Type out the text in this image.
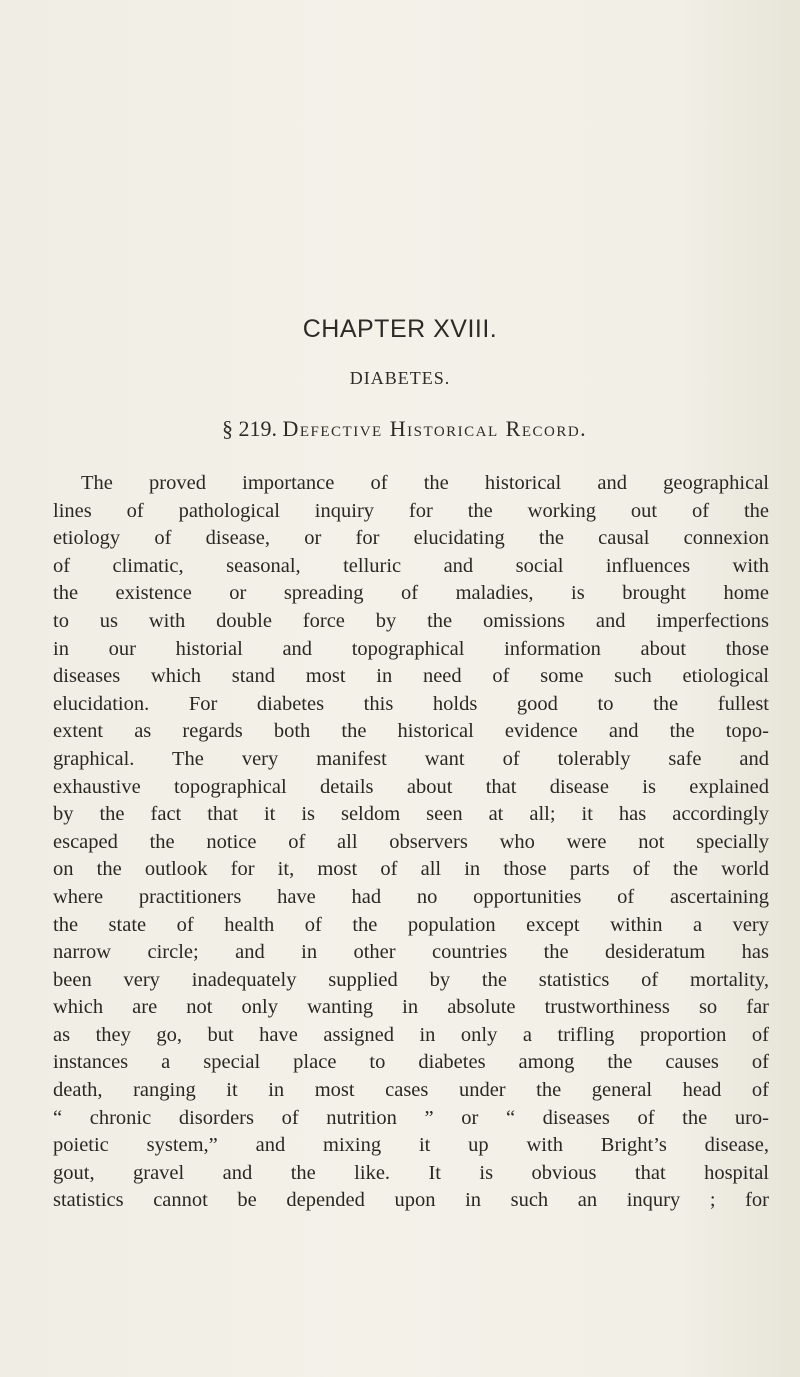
CHAPTER XVIII.
DIABETES.
§ 219. Defective Historical Record.
The proved importance of the historical and geographical
lines of pathological inquiry for the working out of the
etiology of disease, or for elucidating the causal connexion
of climatic, seasonal, telluric and social influences with
the existence or spreading of maladies, is brought home
to us with double force by the omissions and imperfections
in our historial and topographical information about those
diseases which stand most in need of some such etiological
elucidation. For diabetes this holds good to the fullest
extent as regards both the historical evidence and the topo-
graphical. The very manifest want of tolerably safe and
exhaustive topographical details about that disease is explained
by the fact that it is seldom seen at all; it has accordingly
escaped the notice of all observers who were not specially
on the outlook for it, most of all in those parts of the world
where practitioners have had no opportunities of ascertaining
the state of health of the population except within a very
narrow circle; and in other countries the desideratum has
been very inadequately supplied by the statistics of mortality,
which are not only wanting in absolute trustworthiness so far
as they go, but have assigned in only a trifling proportion of
instances a special place to diabetes among the causes of
death, ranging it in most cases under the general head of
“ chronic disorders of nutrition ” or “ diseases of the uro-
poietic system,” and mixing it up with Bright’s disease,
gout, gravel and the like. It is obvious that hospital
statistics cannot be depended upon in such an inqury ; for
